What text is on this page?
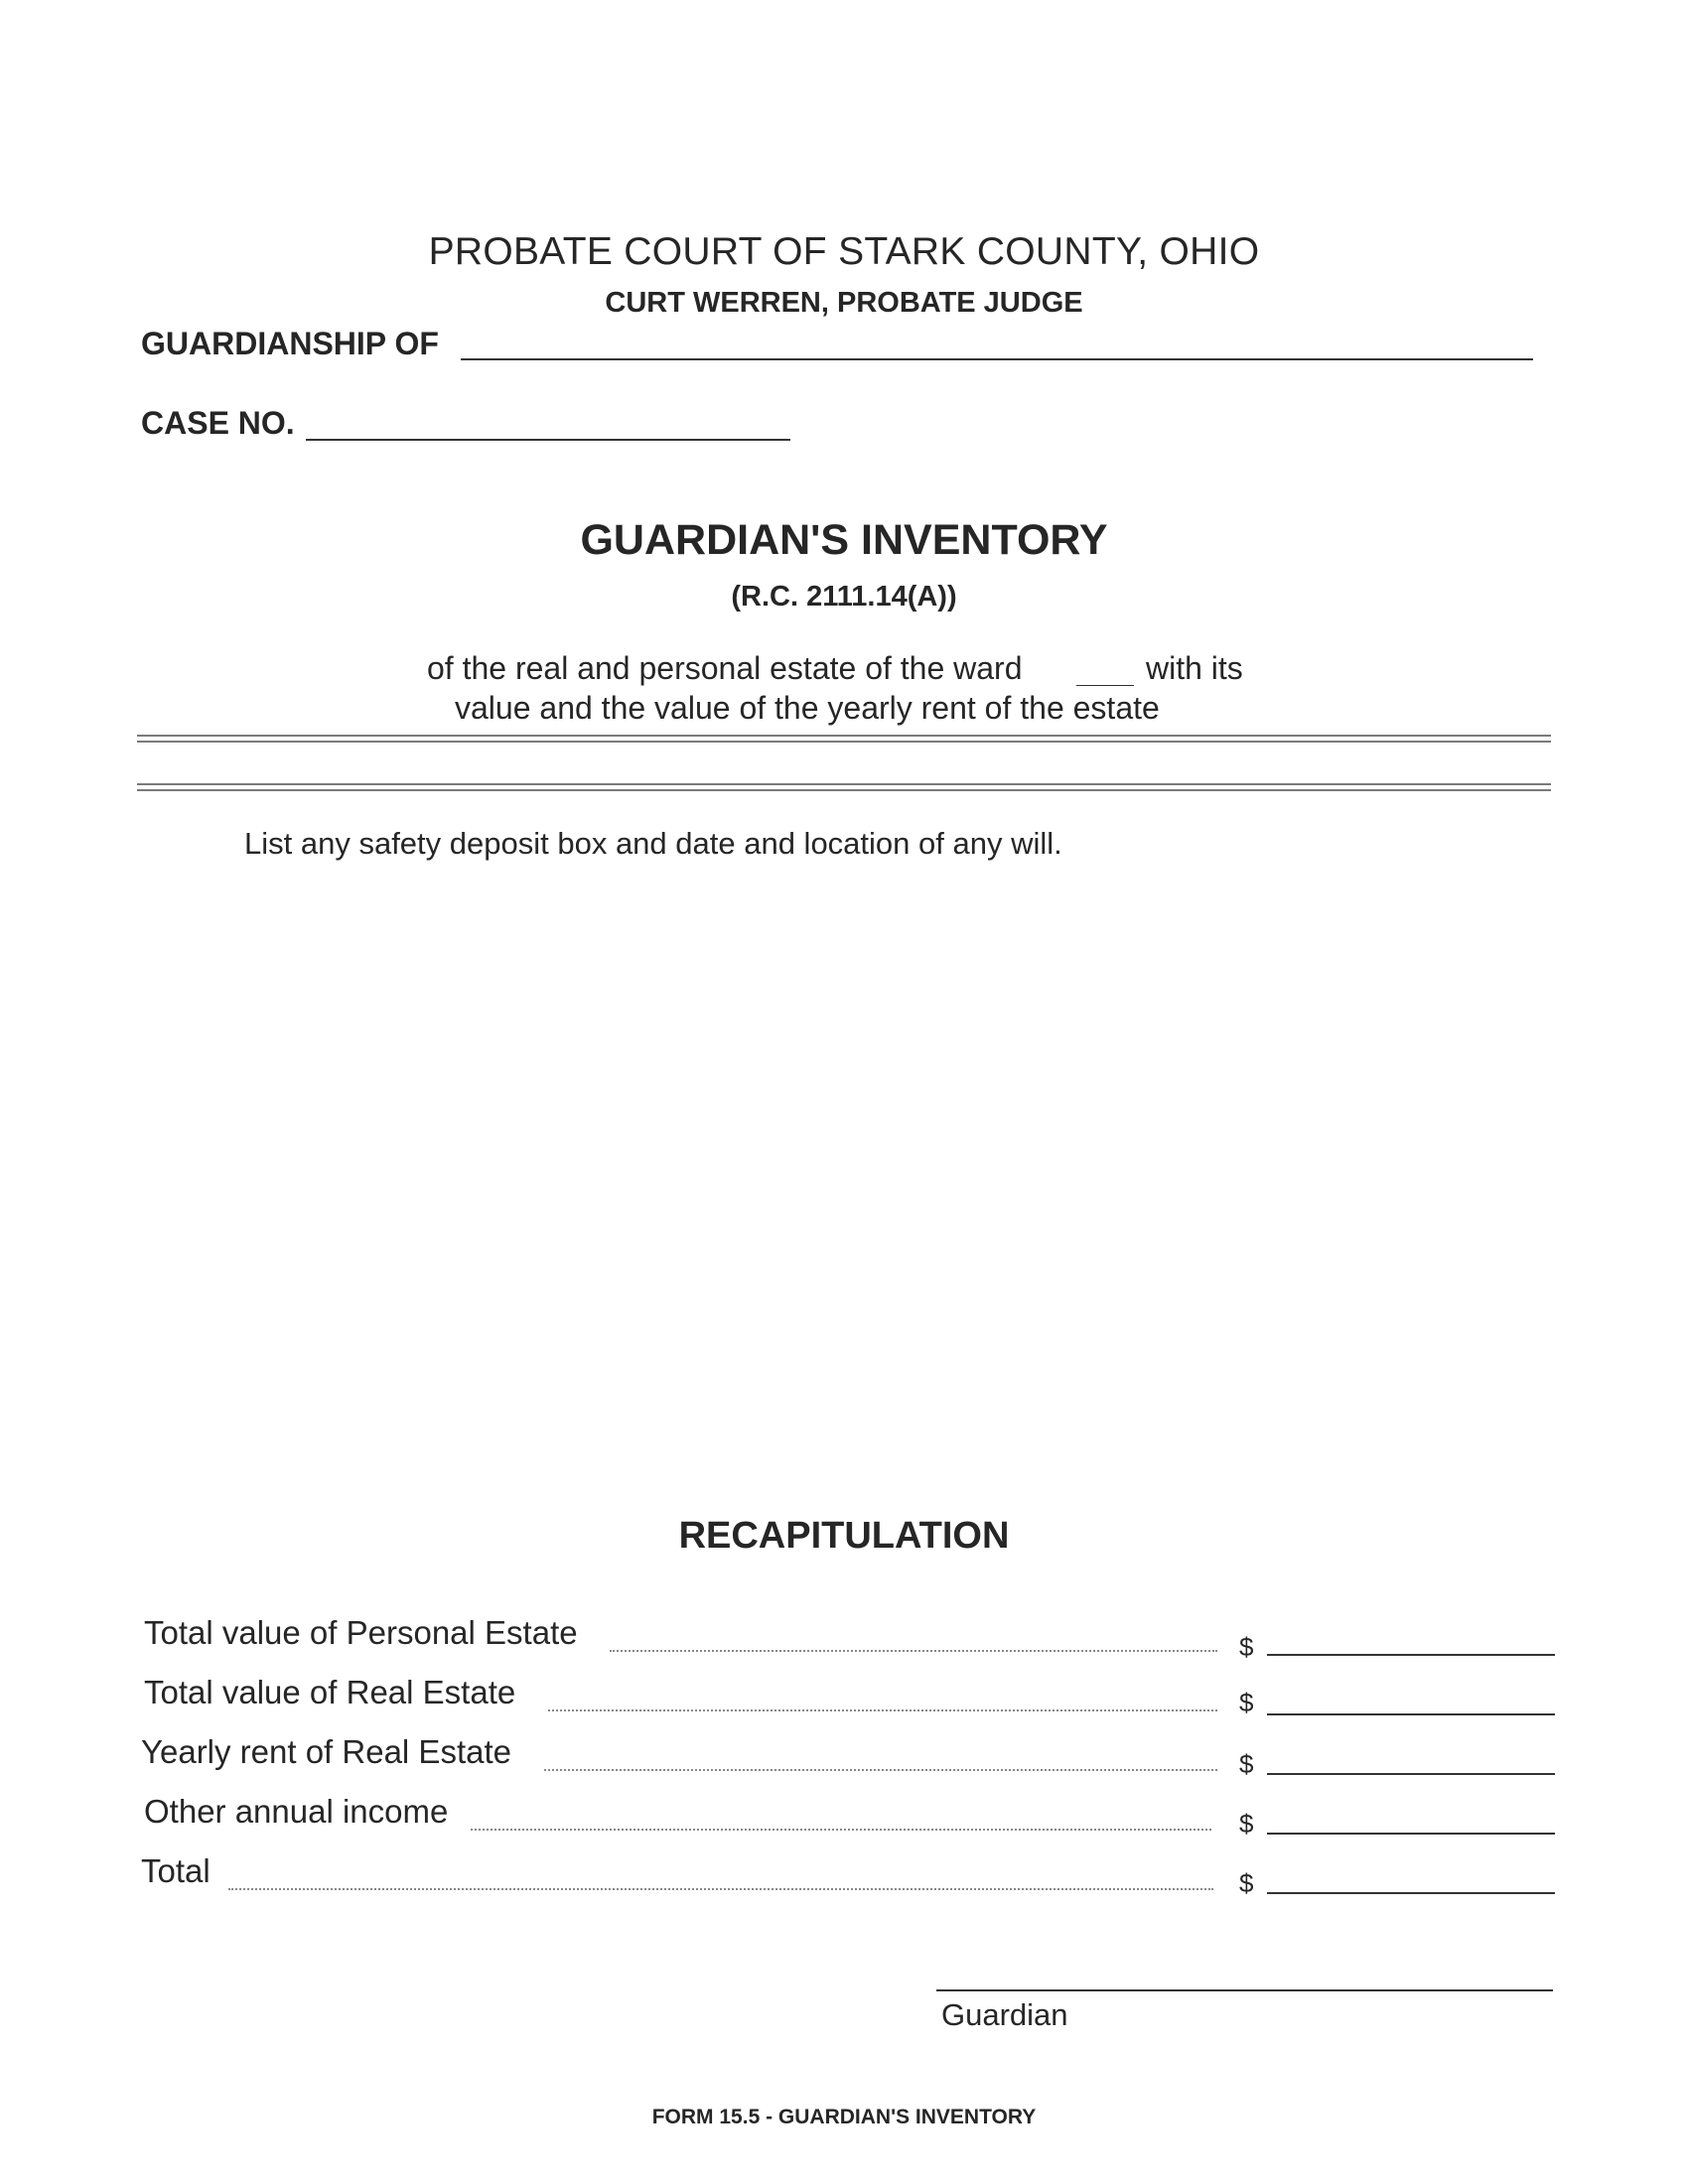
PROBATE COURT OF STARK COUNTY, OHIO
CURT WERREN, PROBATE JUDGE
GUARDIANSHIP OF
CASE NO.
GUARDIAN'S INVENTORY
(R.C. 2111.14(A))
of the real and personal estate of the ward	with its
value and the value of the yearly rent of the estate
List any safety deposit box and date and location of any will.
RECAPITULATION
Total value of Personal Estate	$
Total value of Real Estate	$
Yearly rent of Real Estate	$
Other annual income	$
Total	$
Guardian
FORM 15.5 - GUARDIAN'S INVENTORY
